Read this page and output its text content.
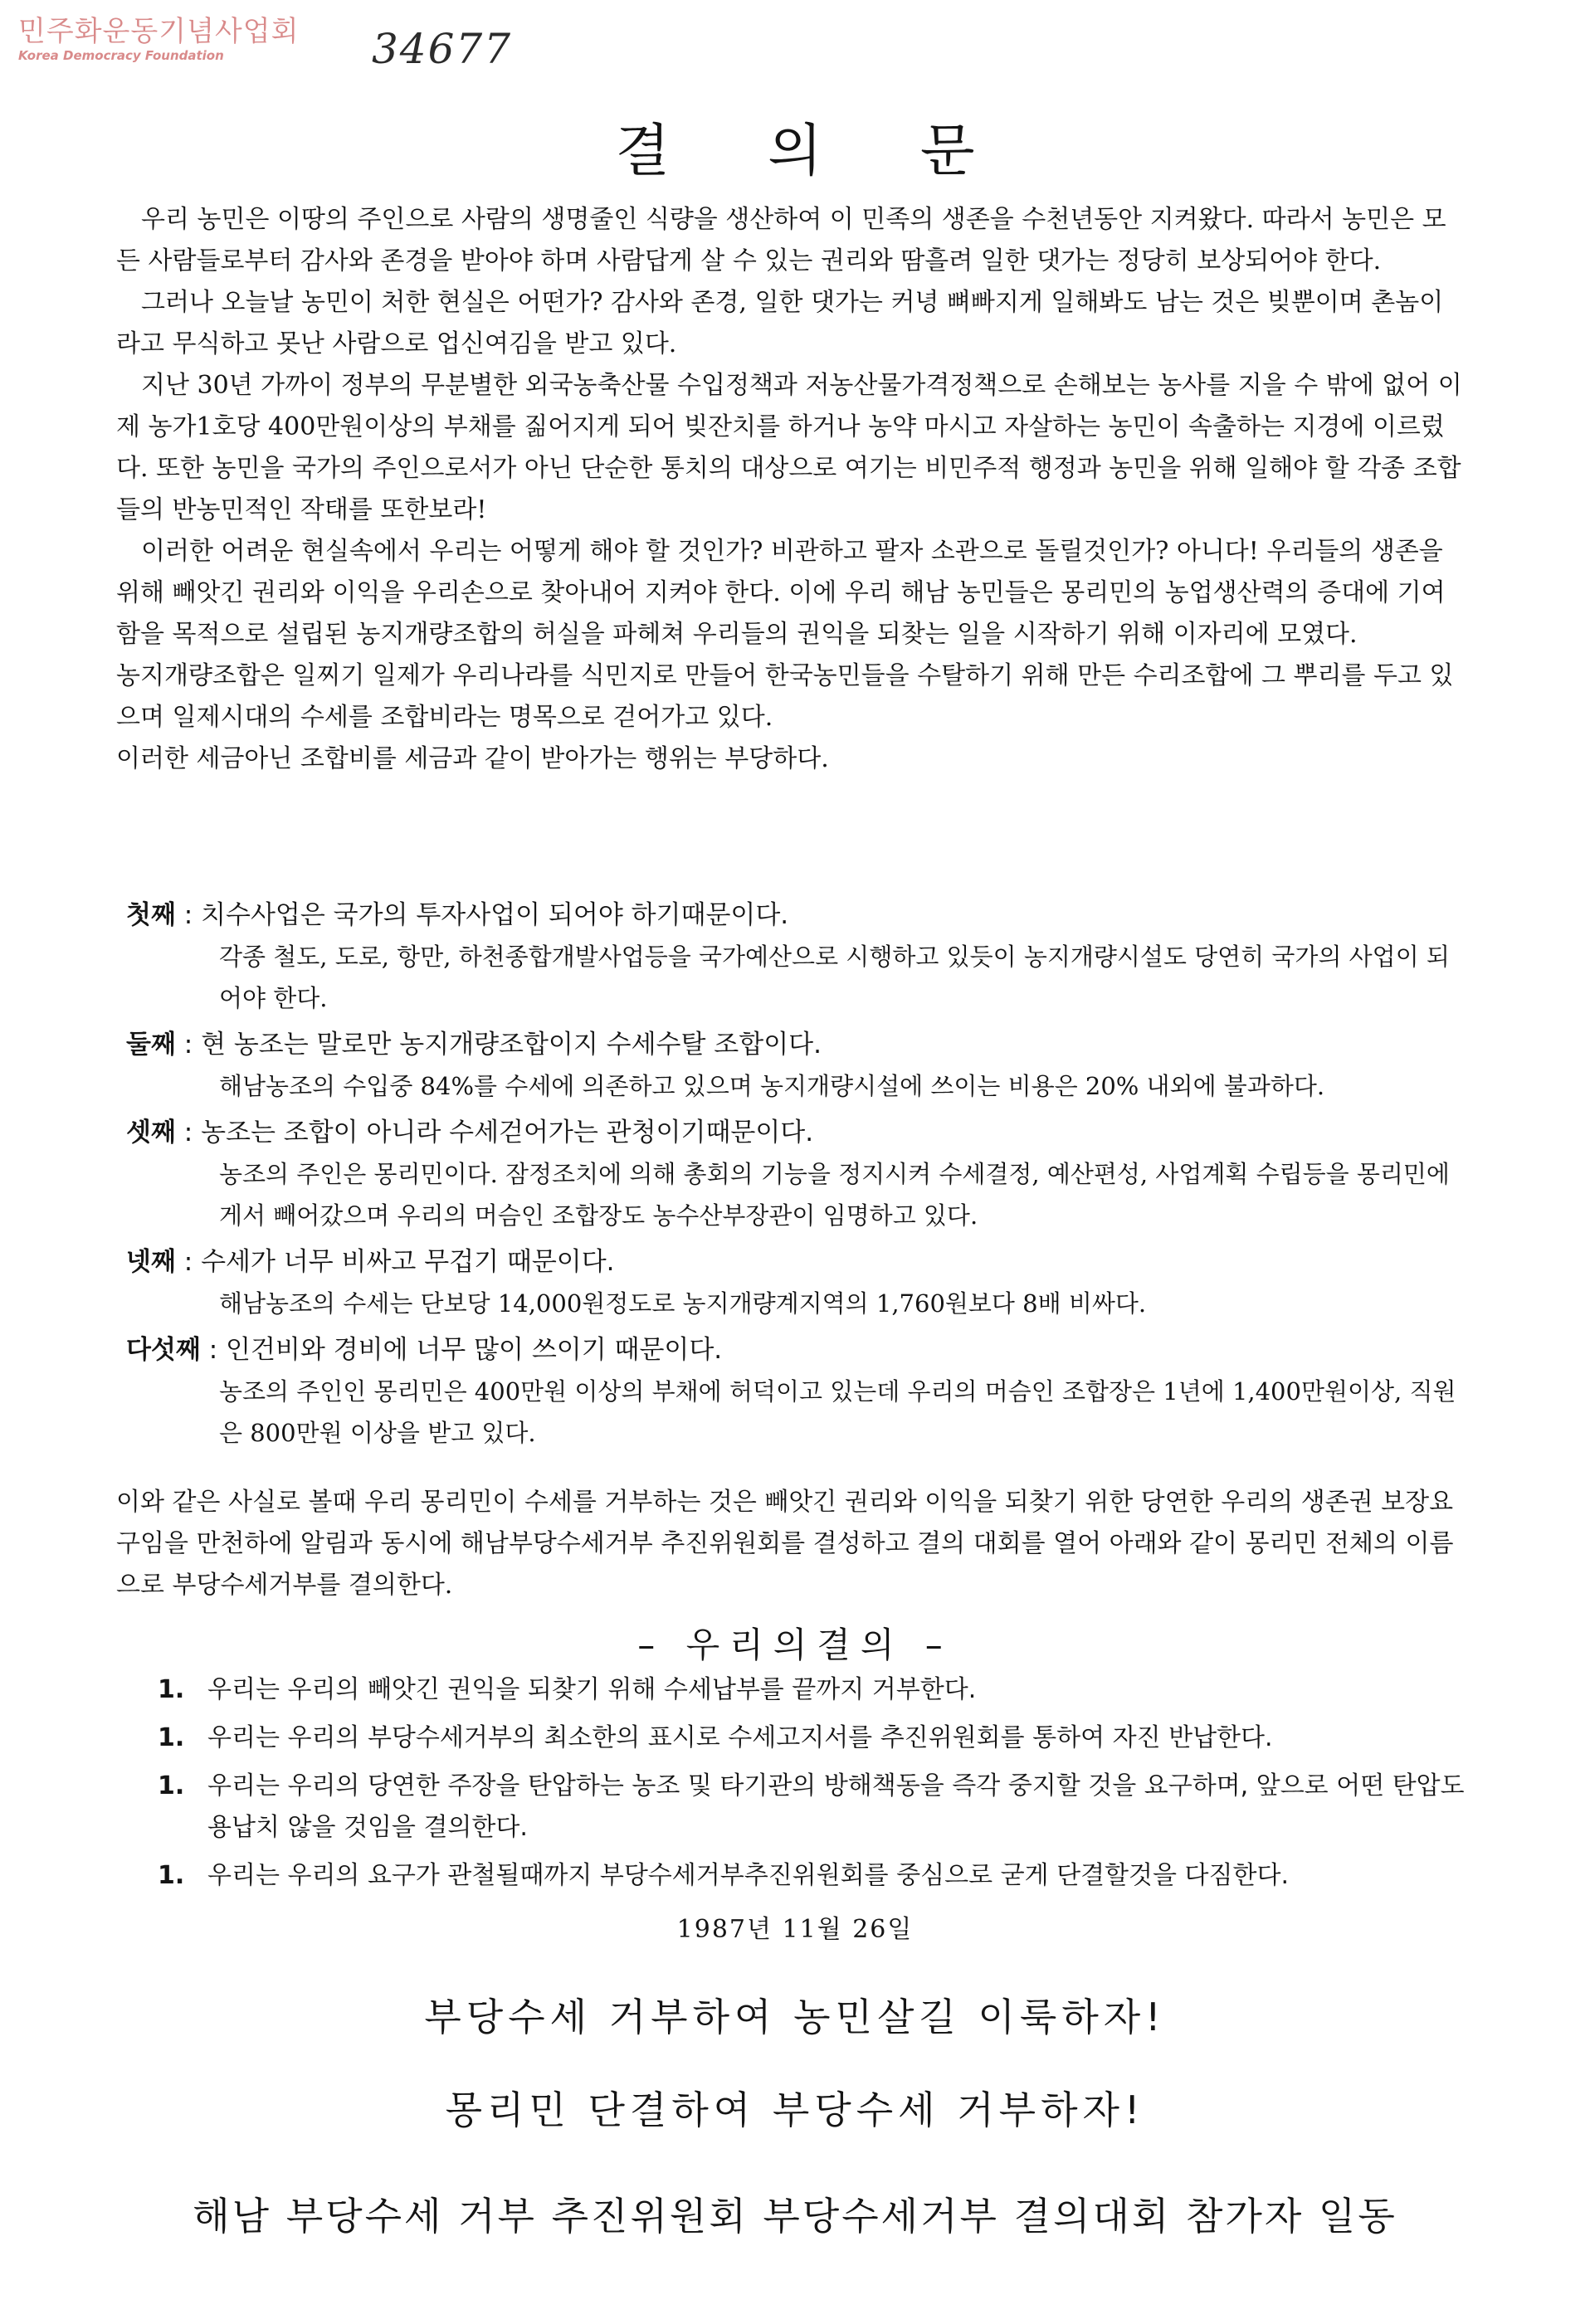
민주화운동기념사업회
Korea Democracy Foundation	34677
결의문

우리 농민은 이땅의 주인으로 사람의 생명줄인 식량을 생산하여 이 민족의 생존을 수천년동안 지켜왔다. 따라서 농민은 모든 사람들로부터 감사와 존경을 받아야 하며 사람답게 살 수 있는 권리와 땀흘려 일한 댓가는 정당히 보상되어야 한다.

그러나 오늘날 농민이 처한 현실은 어떤가? 감사와 존경, 일한 댓가는 커녕 뼈빠지게 일해봐도 남는 것은 빚뿐이며 촌놈이라고 무식하고 못난 사람으로 업신여김을 받고 있다.

지난 30년 가까이 정부의 무분별한 외국농축산물 수입정책과 저농산물가격정책으로 손해보는 농사를 지을 수 밖에 없어 이제 농가1호당 400만원이상의 부채를 짊어지게 되어 빚잔치를 하거나 농약 마시고 자살하는 농민이 속출하는 지경에 이르렀다. 또한 농민을 국가의 주인으로서가 아닌 단순한 통치의 대상으로 여기는 비민주적 행정과 농민을 위해 일해야 할 각종 조합들의 반농민적인 작태를 또한보라!

이러한 어려운 현실속에서 우리는 어떻게 해야 할 것인가? 비관하고 팔자 소관으로 돌릴것인가? 아니다! 우리들의 생존을 위해 빼앗긴 권리와 이익을 우리손으로 찾아내어 지켜야 한다. 이에 우리 해남 농민들은 몽리민의 농업생산력의 증대에 기여함을 목적으로 설립된 농지개량조합의 허실을 파헤쳐 우리들의 권익을 되찾는 일을 시작하기 위해 이자리에 모였다.

농지개량조합은 일찌기 일제가 우리나라를 식민지로 만들어 한국농민들을 수탈하기 위해 만든 수리조합에 그 뿌리를 두고 있으며 일제시대의 수세를 조합비라는 명목으로 걷어가고 있다.

이러한 세금아닌 조합비를 세금과 같이 받아가는 행위는 부당하다.

첫째 : 치수사업은 국가의 투자사업이 되어야 하기때문이다.

각종 철도, 도로, 항만, 하천종합개발사업등을 국가예산으로 시행하고 있듯이 농지개량시설도 당연히 국가의 사업이 되어야 한다.

둘째 : 현 농조는 말로만 농지개량조합이지 수세수탈 조합이다.

해남농조의 수입중 84%를 수세에 의존하고 있으며 농지개량시설에 쓰이는 비용은 20% 내외에 불과하다.

셋째 : 농조는 조합이 아니라 수세걷어가는 관청이기때문이다.

농조의 주인은 몽리민이다. 잠정조치에 의해 총회의 기능을 정지시켜 수세결정, 예산편성, 사업계획 수립등을 몽리민에게서 빼어갔으며 우리의 머슴인 조합장도 농수산부장관이 임명하고 있다.

넷째 : 수세가 너무 비싸고 무겁기 때문이다.

해남농조의 수세는 단보당 14,000원정도로 농지개량계지역의 1,760원보다 8배 비싸다.

다섯째 : 인건비와 경비에 너무 많이 쓰이기 때문이다.

농조의 주인인 몽리민은 400만원 이상의 부채에 허덕이고 있는데 우리의 머슴인 조합장은 1년에 1,400만원이상, 직원은 800만원 이상을 받고 있다.

이와 같은 사실로 볼때 우리 몽리민이 수세를 거부하는 것은 빼앗긴 권리와 이익을 되찾기 위한 당연한 우리의 생존권 보장요구임을 만천하에 알림과 동시에 해남부당수세거부 추진위원회를 결성하고 결의 대회를 열어 아래와 같이 몽리민 전체의 이름으로 부당수세거부를 결의한다.

– 우리의결의 –
1. 우리는 우리의 빼앗긴 권익을 되찾기 위해 수세납부를 끝까지 거부한다.
1. 우리는 우리의 부당수세거부의 최소한의 표시로 수세고지서를 추진위원회를 통하여 자진 반납한다.
1. 우리는 우리의 당연한 주장을 탄압하는 농조 및 타기관의 방해책동을 즉각 중지할 것을 요구하며, 앞으로 어떤 탄압도 용납치 않을 것임을 결의한다.
1. 우리는 우리의 요구가 관철될때까지 부당수세거부추진위원회를 중심으로 굳게 단결할것을 다짐한다.
1987년 11월 26일
부당수세 거부하여 농민살길 이룩하자!
몽리민 단결하여 부당수세 거부하자!
해남 부당수세 거부 추진위원회 부당수세거부 결의대회 참가자 일동
